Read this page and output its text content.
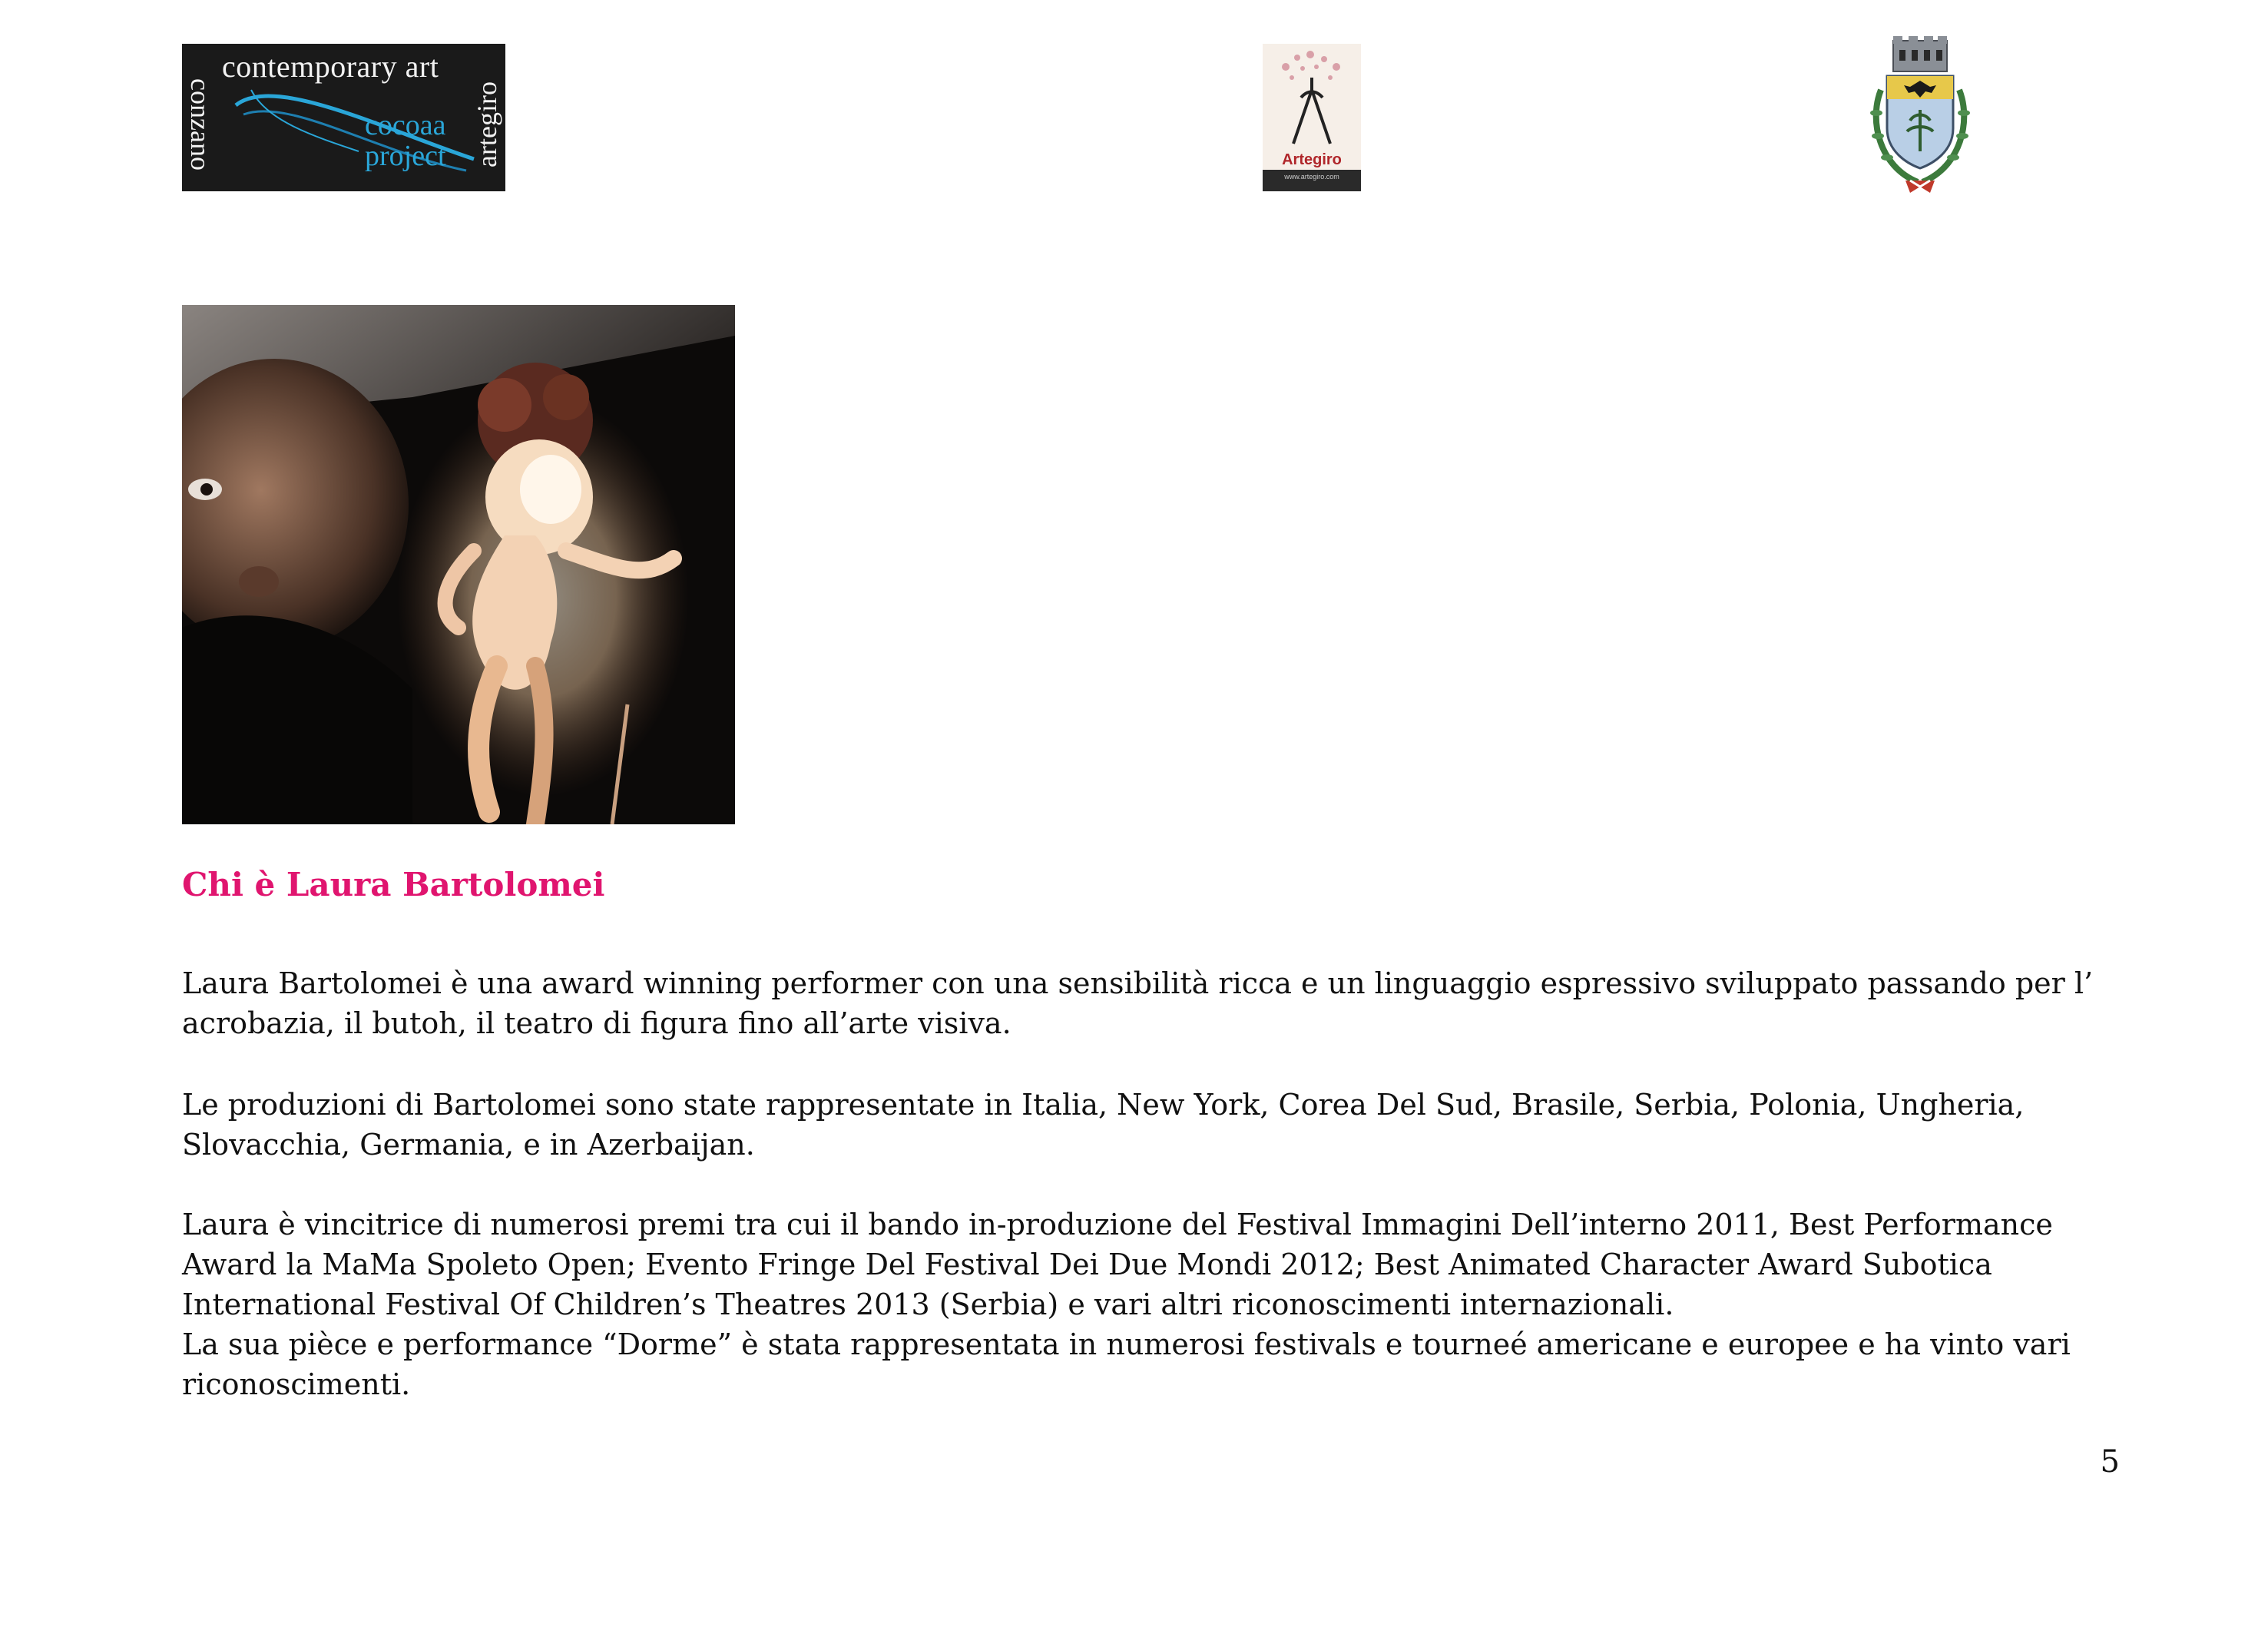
contemporary art
conzano	artegiro
cocoaa
project	Artegiro
www.artegiro.com
Chi è Laura Bartolomei

Laura Bartolomei è una award winning performer con una sensibilità ricca e un linguaggio espressivo sviluppato passando per l’ acrobazia, il butoh, il teatro di figura fino all’arte visiva.

Le produzioni di Bartolomei sono state rappresentate in Italia, New York, Corea Del Sud, Brasile, Serbia, Polonia, Ungheria, Slovacchia, Germania, e in Azerbaijan.

Laura è vincitrice di numerosi premi tra cui il bando in-produzione del Festival Immagini Dell’interno 2011, Best Performance Award la MaMa Spoleto Open; Evento Fringe Del Festival Dei Due Mondi 2012; Best Animated Character Award Subotica International Festival Of Children’s Theatres 2013 (Serbia) e vari altri riconoscimenti internazionali.

La sua pièce e performance “Dorme” è stata rappresentata in numerosi festivals e tourneé americane e europee e ha vinto vari riconoscimenti.

5
